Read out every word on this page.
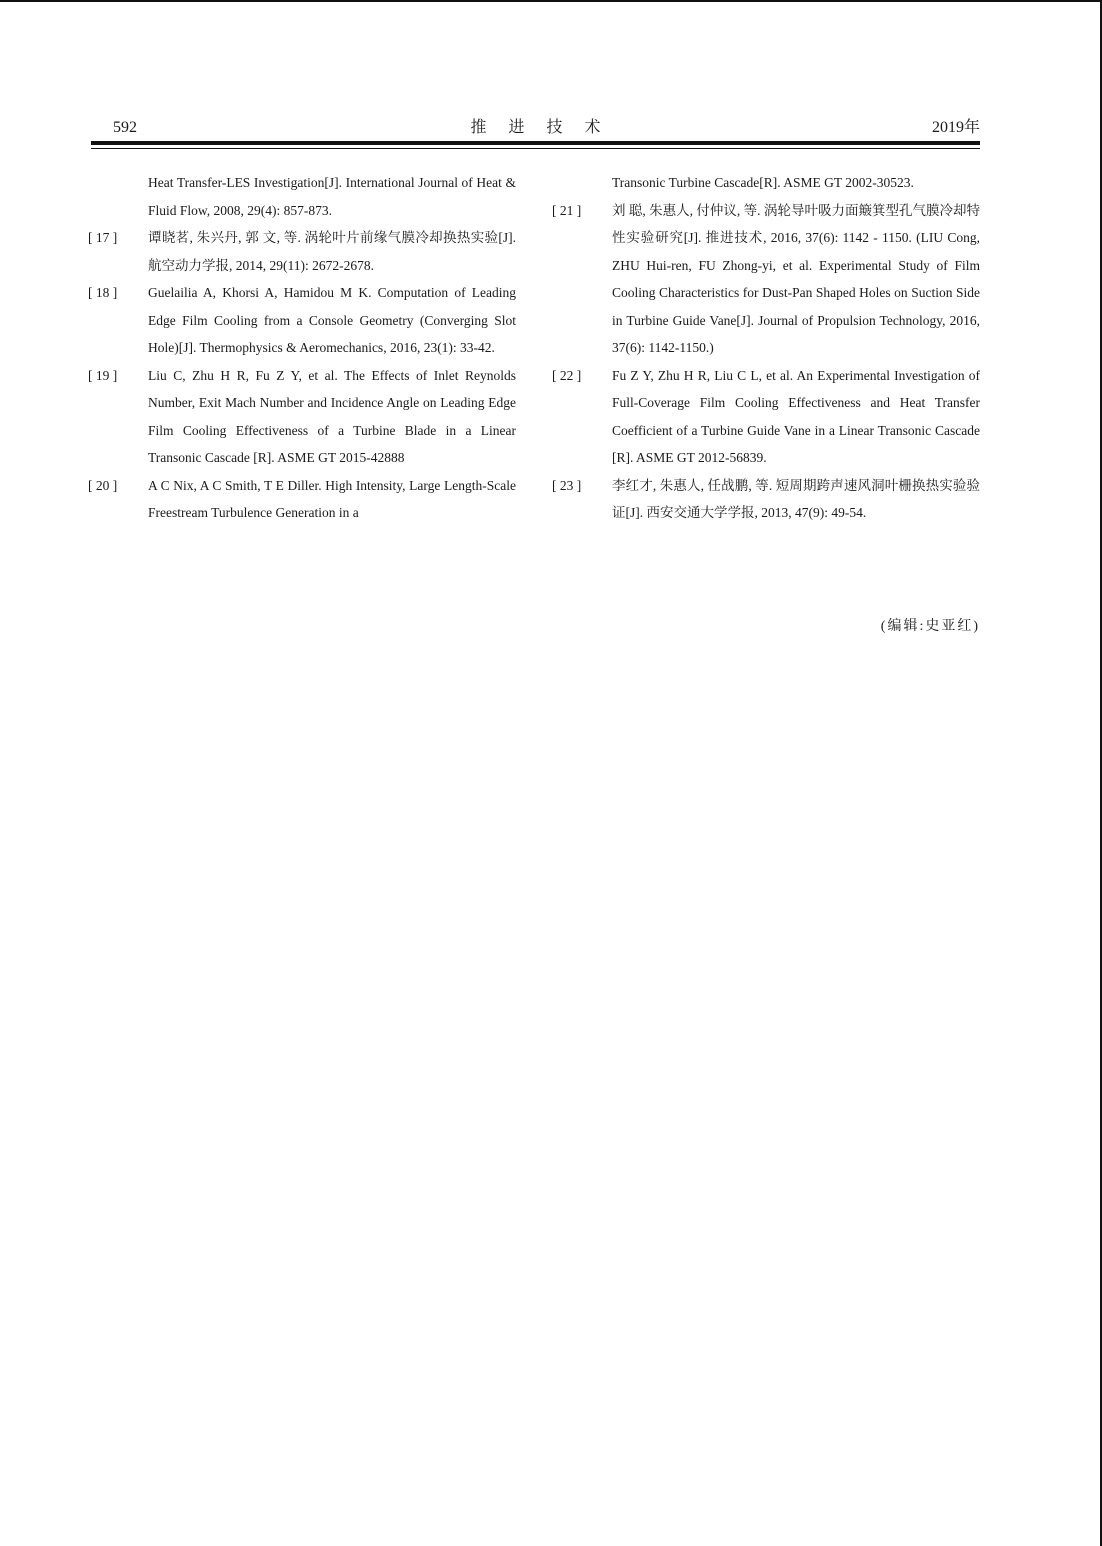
592	推 进 技 术	2019年
Heat Transfer-LES Investigation[J]. International Journal of Heat & Fluid Flow, 2008, 29(4): 857-873.
[ 17 ]	谭晓茗, 朱兴丹, 郭 文, 等. 涡轮叶片前缘气膜冷却换热实验[J]. 航空动力学报, 2014, 29(11): 2672-2678.
[ 18 ]	Guelailia A, Khorsi A, Hamidou M K. Computation of Leading Edge Film Cooling from a Console Geometry (Converging Slot Hole)[J]. Thermophysics & Aeromechanics, 2016, 23(1): 33-42.
[ 19 ]	Liu C, Zhu H R, Fu Z Y, et al. The Effects of Inlet Reynolds Number, Exit Mach Number and Incidence Angle on Leading Edge Film Cooling Effectiveness of a Turbine Blade in a Linear Transonic Cascade [R]. ASME GT 2015-42888
[ 20 ]	A C Nix, A C Smith, T E Diller. High Intensity, Large Length-Scale Freestream Turbulence Generation in a
Transonic Turbine Cascade[R]. ASME GT 2002-30523.
[ 21 ]	刘 聪, 朱惠人, 付仲议, 等. 涡轮导叶吸力面簸箕型孔气膜冷却特性实验研究[J]. 推进技术, 2016, 37(6): 1142 - 1150. (LIU Cong, ZHU Hui-ren, FU Zhong-yi, et al. Experimental Study of Film Cooling Characteristics for Dust-Pan Shaped Holes on Suction Side in Turbine Guide Vane[J]. Journal of Propulsion Technology, 2016, 37(6): 1142-1150.)
[ 22 ]	Fu Z Y, Zhu H R, Liu C L, et al. An Experimental Investigation of Full-Coverage Film Cooling Effectiveness and Heat Transfer Coefficient of a Turbine Guide Vane in a Linear Transonic Cascade [R]. ASME GT 2012-56839.
[ 23 ]	李红才, 朱惠人, 任战鹏, 等. 短周期跨声速风洞叶栅换热实验验证[J]. 西安交通大学学报, 2013, 47(9): 49-54.
(编辑:史亚红)
